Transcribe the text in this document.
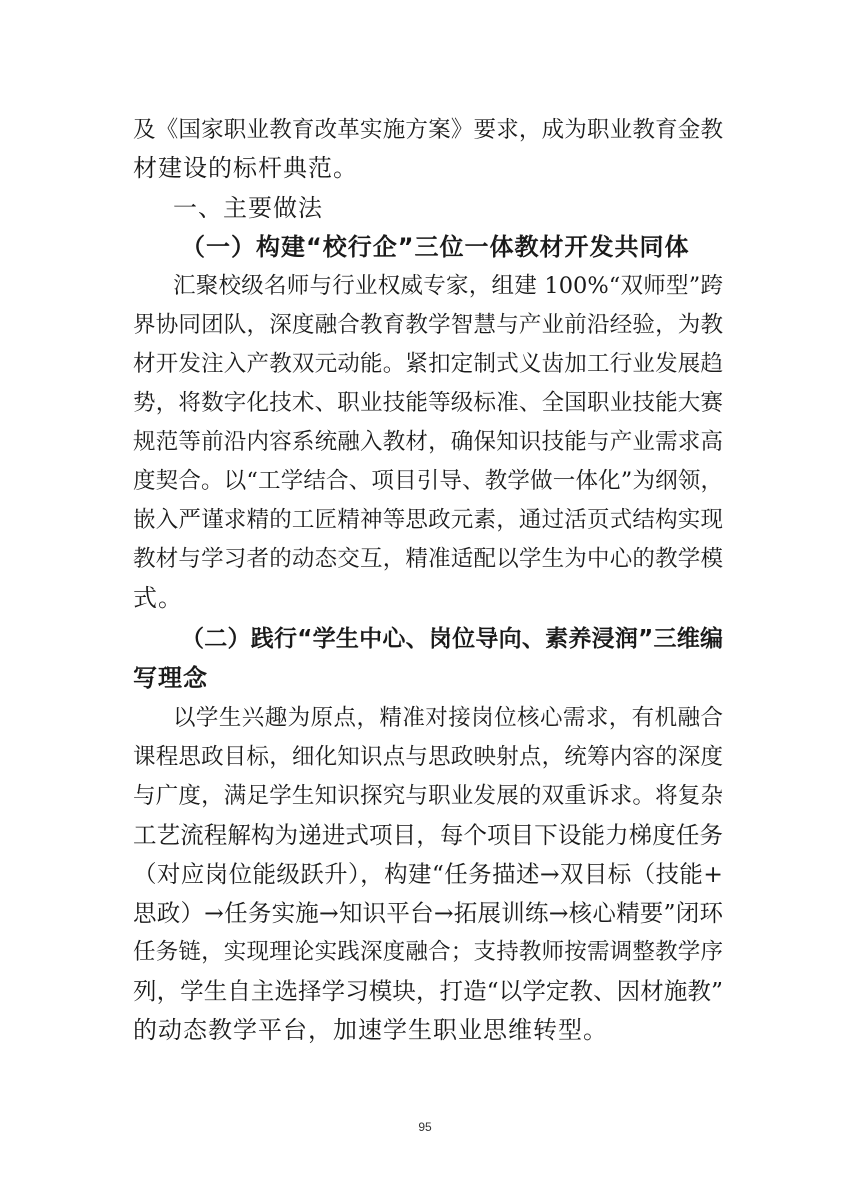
及《国家职业教育改革实施方案》要求，成为职业教育金教
材建设的标杆典范。
一、主要做法
（一）构建“校行企”三位一体教材开发共同体
汇聚校级名师与行业权威专家，组建 100%“双师型”跨
界协同团队，深度融合教育教学智慧与产业前沿经验，为教
材开发注入产教双元动能。紧扣定制式义齿加工行业发展趋
势，将数字化技术、职业技能等级标准、全国职业技能大赛
规范等前沿内容系统融入教材，确保知识技能与产业需求高
度契合。以“工学结合、项目引导、教学做一体化”为纲领，
嵌入严谨求精的工匠精神等思政元素，通过活页式结构实现
教材与学习者的动态交互，精准适配以学生为中心的教学模
式。
（二）践行“学生中心、岗位导向、素养浸润”三维编
写理念
以学生兴趣为原点，精准对接岗位核心需求，有机融合
课程思政目标，细化知识点与思政映射点，统筹内容的深度
与广度，满足学生知识探究与职业发展的双重诉求。将复杂
工艺流程解构为递进式项目，每个项目下设能力梯度任务
（对应岗位能级跃升），构建“任务描述→双目标（技能+
思政）→任务实施→知识平台→拓展训练→核心精要”闭环
任务链，实现理论实践深度融合；支持教师按需调整教学序
列，学生自主选择学习模块，打造“以学定教、因材施教”
的动态教学平台，加速学生职业思维转型。
95
